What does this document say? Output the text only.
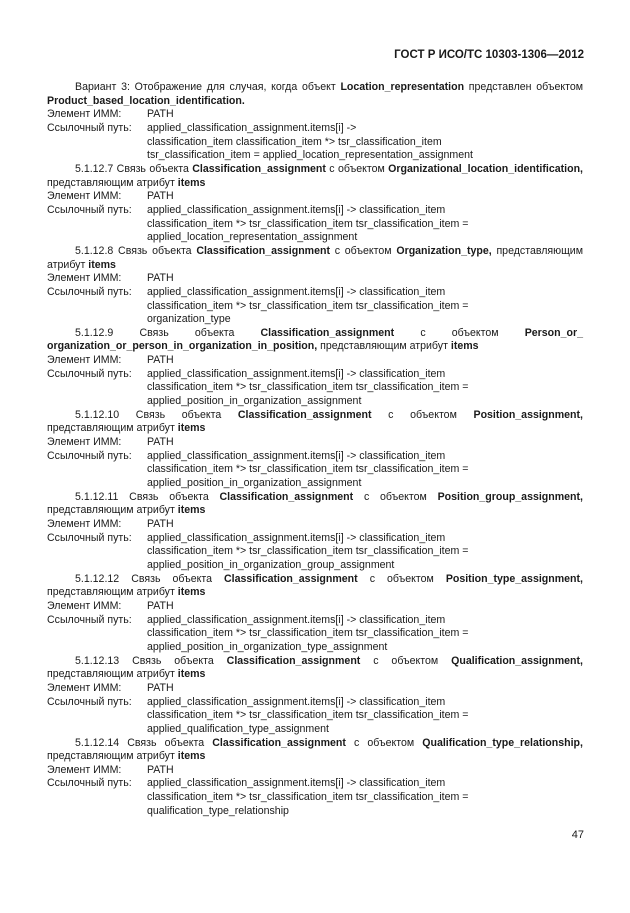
ГОСТ Р ИСО/ТС 10303-1306—2012

Вариант 3: Отображение для случая, когда объект Location_representation представлен объектом Product_based_location_identification.

Элемент ИММ:	PATH
Ссылочный путь:	applied_classification_assignment.items[i] ->
classification_item classification_item *> tsr_classification_item
tsr_classification_item = applied_location_representation_assignment

5.1.12.7 Связь объекта Classification_assignment с объектом Organizational_location_identification, представляющим атрибут items

Элемент ИММ:	PATH
Ссылочный путь:	applied_classification_assignment.items[i] -> classification_item
classification_item *> tsr_classification_item tsr_classification_item =
applied_location_representation_assignment

5.1.12.8 Связь объекта Classification_assignment с объектом Organization_type, представляющим атрибут items

Элемент ИММ:	PATH
Ссылочный путь:	applied_classification_assignment.items[i] -> classification_item
classification_item *> tsr_classification_item tsr_classification_item =
organization_type

5.1.12.9 Связь объекта Classification_assignment с объектом Person_or_ organization_or_person_in_organization_in_position, представляющим атрибут items

Элемент ИММ:	PATH
Ссылочный путь:	applied_classification_assignment.items[i] -> classification_item
classification_item *> tsr_classification_item tsr_classification_item =
applied_position_in_organization_assignment

5.1.12.10 Связь объекта Classification_assignment с объектом Position_assignment, представляющим атрибут items

Элемент ИММ:	PATH
Ссылочный путь:	applied_classification_assignment.items[i] -> classification_item
classification_item *> tsr_classification_item tsr_classification_item =
applied_position_in_organization_assignment

5.1.12.11 Связь объекта Classification_assignment с объектом Position_group_assignment, представляющим атрибут items

Элемент ИММ:	PATH
Ссылочный путь:	applied_classification_assignment.items[i] -> classification_item
classification_item *> tsr_classification_item tsr_classification_item =
applied_position_in_organization_group_assignment

5.1.12.12 Связь объекта Classification_assignment с объектом Position_type_assignment, представляющим атрибут items

Элемент ИММ:	PATH
Ссылочный путь:	applied_classification_assignment.items[i] -> classification_item
classification_item *> tsr_classification_item tsr_classification_item =
applied_position_in_organization_type_assignment

5.1.12.13 Связь объекта Classification_assignment с объектом Qualification_assignment, представляющим атрибут items

Элемент ИММ:	PATH
Ссылочный путь:	applied_classification_assignment.items[i] -> classification_item
classification_item *> tsr_classification_item tsr_classification_item =
applied_qualification_type_assignment

5.1.12.14 Связь объекта Classification_assignment с объектом Qualification_type_relationship, представляющим атрибут items

Элемент ИММ:	PATH
Ссылочный путь:	applied_classification_assignment.items[i] -> classification_item
classification_item *> tsr_classification_item tsr_classification_item =
qualification_type_relationship
47
